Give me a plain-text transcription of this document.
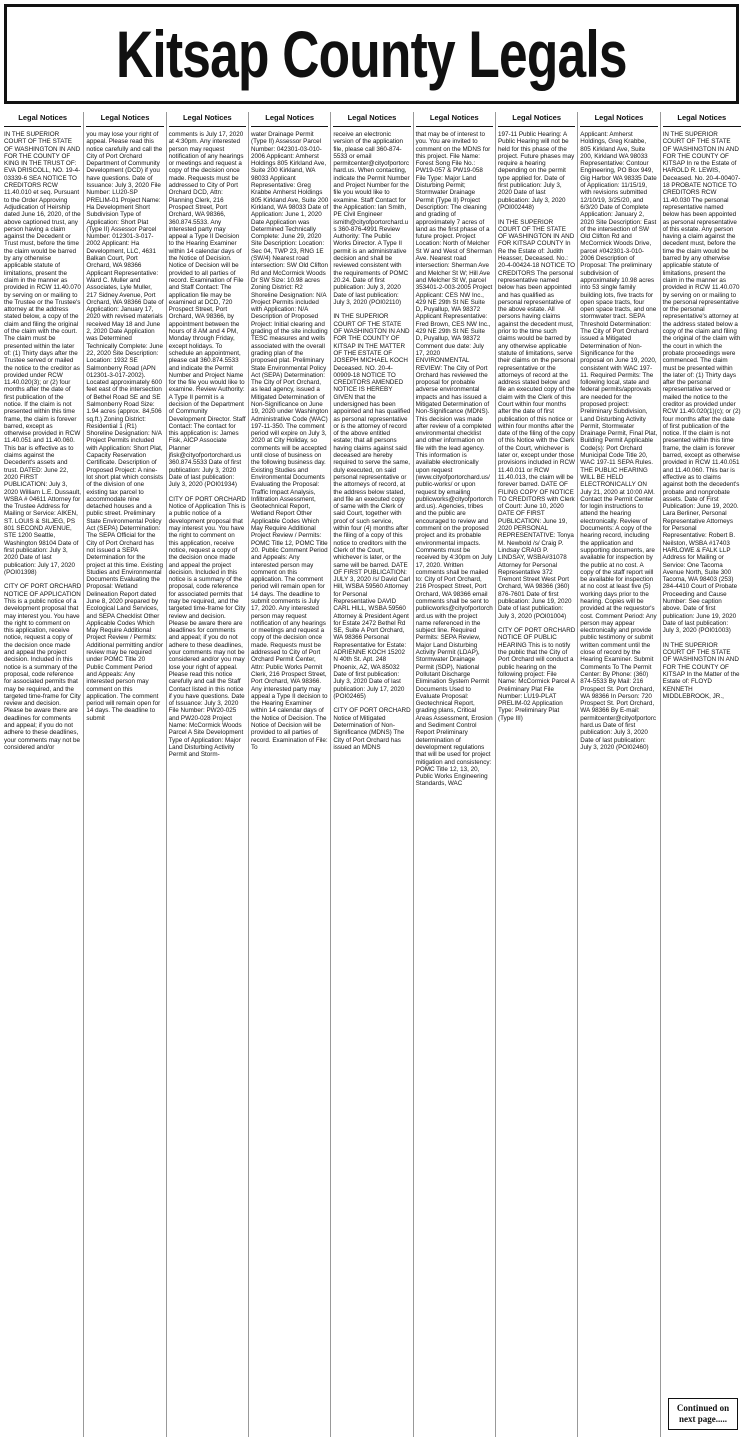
Kitsap County Legals
Legal Notices
IN THE SUPERIOR COURT OF THE STATE OF WASHINGTON IN AND FOR THE COUNTY OF KING IN THE TRUST OF: EVA DRISCOLL, NO. 19-4-03339-6 SEA NOTICE TO CREDITORS RCW 11.40.010 et seq. Pursuant to the Order Approving Adjudication of Heirship dated June 16, 2020, of the above captioned trust, any person having a claim against the Decedent or Trust must, before the time the claim would be barred by any otherwise applicable statute of limitations, present the claim in the manner as provided in RCW 11.40.070 by serving on or mailing to the Trustee or the Trustee's attorney at the address stated below, a copy of the claim and filing the original of the claim with the court. The claim must be presented within the later of: (1) Thirty days after the Trustee served or mailed the notice to the creditor as provided under RCW 11.40.020(3); or (2) four months after the date of first publication of the notice. If the claim is not presented within this time frame, the claim is forever barred, except as otherwise provided in RCW 11.40.051 and 11.40.060. This bar is effective as to claims against the Decedent's assets and trust. DATED: June 22, 2020 FIRST PUBLICATION: July 3, 2020 William L.E. Dussault, WSBA # 04611 Attorney for the Trustee Address for Mailing or Service: AIKEN, ST. LOUIS & SILJEG, PS 801 SECOND AVENUE, STE 1200 Seattle, Washington 98104 Date of first publication: July 3, 2020 Date of last publication: July 17, 2020 (POI01398)

CITY OF PORT ORCHARD NOTICE OF APPLICATION This is a public notice of a development proposal that may interest you. You have the right to comment on this application, receive notice, request a copy of the decision once made and appeal the project decision. Included in this notice is a summary of the proposal, code reference for associated permits that may be required, and the targeted time-frame for City review and decision. Please be aware there are deadlines for comments and appeal; if you do not adhere to these deadlines, your comments may not be considered and/or
Legal Notices
you may lose your right of appeal. Please read this notice carefully and call the City of Port Orchard Department of Community Development (DCD) if you have questions. Date of Issuance: July 3, 2020 File Number: LU20-SP PRELIM-01 Project Name: Ha Development Short Subdivision Type of Application: Short Plat (Type II) Assessor Parcel Number: 012301-3-017-2002 Applicant: Ha Development, LLC, 4631 Balkan Court, Port Orchard, WA 98366 Applicant Representative: Ward C. Muller and Associates, Lyle Muller, 217 Sidney Avenue, Port Orchard, WA 98366 Date of Application: January 17, 2020 with revised materials received May 18 and June 2, 2020 Date Application was Determined Technically Complete: June 22, 2020 Site Description: Location: 1932 SE Salmonberry Road (APN 012301-3-017-2002). Located approximately 600 feet east of the intersection of Bethel Road SE and SE Salmonberry Road Size: 1.94 acres (approx. 84,506 sq.ft.) Zoning District: Residential 1 (R1) Shoreline Designation: N/A Project Permits included with Application: Short Plat, Capacity Reservation Certificate. Description of Proposed Project: A nine-lot short plat which consists of the division of one existing tax parcel to accommodate nine detached houses and a public street. Preliminary State Environmental Policy Act (SEPA) Determination: The SEPA Official for the City of Port Orchard has not issued a SEPA Determination for the project at this time. Existing Studies and Environmental Documents Evaluating the Proposal: Wetland Delineation Report dated June 8, 2020 prepared by Ecological Land Services, and SEPA Checklist Other Applicable Codes Which May Require Additional Project Review / Permits: Additional permitting and/or review may be required under POMC Title 20 Public Comment Period and Appeals: Any interested person may comment on this application. The comment period will remain open for 14 days. The deadline to submit
Legal Notices
comments is July 17, 2020 at 4:30pm. Any interested person may request notification of any hearings or meetings and request a copy of the decision once made. Requests must be addressed to City of Port Orchard DCD, Attn: Planning Clerk, 216 Prospect Street, Port Orchard, WA 98366, 360.874.5533. Any interested party may appeal a Type II Decision to the Hearing Examiner within 14 calendar days of the Notice of Decision. Notice of Decision will be provided to all parties of record. Examination of File and Staff Contact: The application file may be examined at DCD, 720 Prospect Street, Port Orchard, WA 98366, by appointment between the hours of 8 AM and 4 PM, Monday through Friday, except holidays. To schedule an appointment, please call 360.874.5533 and indicate the Permit Number and Project Name for the file you would like to examine. Review Authority: A Type II permit is a decision of the Department of Community Development Director. Staff Contact: The contact for this application is: James Fisk, AICP Associate Planner jfisk@cityofportorchard.us 360.874.5533 Date of first publication: July 3, 2020 Date of last publication: July 3, 2020 (POI01934)

CITY OF PORT ORCHARD Notice of Application This is a public notice of a development proposal that may interest you. You have the right to comment on this application, receive notice, request a copy of the decision once made and appeal the project decision. Included in this notice is a summary of the proposal, code reference for associated permits that may be required, and the targeted time-frame for City review and decision. Please be aware there are deadlines for comments and appeal; if you do not adhere to these deadlines, your comments may not be considered and/or you may lose your right of appeal. Please read this notice carefully and call the Staff Contact listed in this notice if you have questions. Date of Issuance: July 3, 2020 File Number: PW20-025 and PW20-028 Project Name: McCormick Woods Parcel A Site Development Type of Application: Major Land Disturbing Activity Permit and Storm-
Legal Notices
water Drainage Permit (Type II) Assessor Parcel Number: 042301-03-010-2006 Applicant: Amherst Holdings 805 Kirkland Ave, Suite 200 Kirkland, WA 98033 Applicant Representative: Greg Krabbe Amherst Holdings 805 Kirkland Ave, Suite 200 Kirkland, WA 98033 Date of Application: June 1, 2020 Date Application was Determined Technically Complete: June 29, 2020 Site Description: Location: Sec 04, TWP 23, RNG 1E (SW/4) Nearest road intersection: SW Old Clifton Rd and McCormick Woods Dr SW Size: 10.98 acres Zoning District: R2 Shoreline Designation: N/A Project Permits included with Application: N/A Description of Proposed Project: Initial clearing and grading of the site including TESC measures and wells associated with the overall grading plan of the proposed plat. Preliminary State Environmental Policy Act (SEPA) Determination: The City of Port Orchard, as lead agency, issued a Mitigated Determination of Non-Significance on June 19, 2020 under Washington Administrative Code (WAC) 197-11-350. The comment period will expire on July 3, 2020 at City Holiday, so comments will be accepted until close of business on the following business day. Existing Studies and Environmental Documents Evaluating the Proposal: Traffic Impact Analysis, Infiltration Assessment, Geotechnical Report, Wetland Report Other Applicable Codes Which May Require Additional Project Review / Permits: POMC Title 12, POMC Title 20. Public Comment Period and Appeals: Any interested person may comment on this application. The comment period will remain open for 14 days. The deadline to submit comments is July 17, 2020. Any interested person may request notification of any hearings or meetings and request a copy of the decision once made. Requests must be addressed to City of Port Orchard Permit Center, Attn: Public Works Permit Clerk, 216 Prospect Street, Port Orchard, WA 98366. Any interested party may appeal a Type II decision to the Hearing Examiner within 14 calendar days of the Notice of Decision. The Notice of Decision will be provided to all parties of record. Examination of File: To
Legal Notices
receive an electronic version of the application file, please call 360-874-5533 or email permitcenter@cityofportorchard.us. When contacting, indicate the Permit Number and Project Number for the file you would like to examine. Staff Contact for the Application: Ian Smith, PE Civil Engineer ismith@cityofportorchard.us 360-876-4991 Review Authority: The Public Works Director. A Type II permit is an administrative decision and shall be reviewed consistent with the requirements of POMC 20.24. Date of first publication: July 3, 2020 Date of last publication: July 3, 2020 (POI02110)

IN THE SUPERIOR COURT OF THE STATE OF WASHINGTON IN AND FOR THE COUNTY OF KITSAP IN THE MATTER OF THE ESTATE OF JOSEPH MICHAEL KOCH Deceased. NO. 20-4-00909-18 NOTICE TO CREDITORS AMENDED NOTICE IS HEREBY GIVEN that the undersigned has been appointed and has qualified as personal representative or is the attorney of record of the above entitled estate; that all persons having claims against said deceased are hereby required to serve the same, duly executed, on said personal representative or the attorneys of record, at the address below stated, and file an executed copy of same with the Clerk of said Court, together with proof of such service, within four (4) months after the filing of a copy of this notice to creditors with the Clerk of the Court, whichever is later, or the same will be barred. DATE OF FIRST PUBLICATION: JULY 3, 2020 /s/ David Carl Hill, WSBA 59560 Attorney for Personal Representative DAVID CARL HILL, WSBA 59560 Attorney & President Agent for Estate 2472 Bethel Rd SE, Suite A Port Orchard, WA 98366 Personal Representative for Estate: ADRIENNE KOCH 15202 N 40th St. Apt. 248 Phoenix, AZ, WA 85032 Date of first publication: July 3, 2020 Date of last publication: July 17, 2020 (POI02465)

CITY OF PORT ORCHARD Notice of Mitigated Determination of Non-Significance (MDNS) The City of Port Orchard has issued an MDNS
Legal Notices
that may be of interest to you. You are invited to comment on the MDNS for this project. File Name: Forest Song File No.: PW19-057 & PW19-058 File Type: Major Land Disturbing Permit; Stormwater Drainage Permit (Type II) Project Description: The cleaning and grading of approximately 7 acres of land as the first phase of a future project. Project Location: North of Melcher St W and West of Sherman Ave. Nearest road intersection: Sherman Ave and Melcher St W; Hill Ave and Melcher St W, parcel 353401-2-003-2005 Project Applicant: CES NW Inc., 429 NE 29th St NE Suite D, Puyallup, WA 98372 Applicant Representative: Fred Brown, CES NW Inc., 429 NE 29th St NE Suite D, Puyallup, WA 98372 Comment due date: July 17, 2020 ENVIRONMENTAL REVIEW: The City of Port Orchard has reviewed the proposal for probable adverse environmental impacts and has issued a Mitigated Determination of Non-Significance (MDNS). This decision was made after review of a completed environmental checklist and other information on file with the lead agency. This information is available electronically upon request (www.cityofportorchard.us/public-works/ or upon request by emailing publicworks@cityofportorchard.us). Agencies, tribes and the public are encouraged to review and comment on the proposed project and its probable environmental impacts. Comments must be received by 4:30pm on July 17, 2020. Written comments shall be mailed to: City of Port Orchard, 216 Prospect Street, Port Orchard, WA 98366 email comments shall be sent to publicworks@cityofportorchard.us with the project name referenced in the subject line. Required Permits: SEPA Review, Major Land Disturbing Activity Permit (LDAP), Stormwater Drainage Permit (SDP), National Pollutant Discharge Elimination System Permit Documents Used to Evaluate Proposal: Geotechnical Report, grading plans, Critical Areas Assessment, Erosion and Sediment Control Report Preliminary determination of development regulations that will be used for project mitigation and consistency: POMC Title 12, 13, 20, Public Works Engineering Standards, WAC
Legal Notices
197-11 Public Hearing: A Public Hearing will not be held for this phase of the project. Future phases may require a hearing depending on the permit type applied for. Date of first publication: July 3, 2020 Date of last publication: July 3, 2020 (POI002448)

IN THE SUPERIOR COURT OF THE STATE OF WASHINGTON IN AND FOR KITSAP COUNTY In Re the Estate of: Judith Heasser, Deceased. No.: 20-4-00424-18 NOTICE TO CREDITORS The personal representative named below has been appointed and has qualified as personal representative of the above estate. All persons having claims against the decedent must, prior to the time such claims would be barred by any otherwise applicable statute of limitations, serve their claims on the personal representative or the attorneys of record at the address stated below and file an executed copy of the claim with the Clerk of this Court within four months after the date of first publication of this notice or within four months after the date of the filing of the copy of this Notice with the Clerk of the Court, whichever is later or, except under those provisions included in RCW 11.40.011 or RCW 11.40.013, the claim will be forever barred. DATE OF FILING COPY OF NOTICE TO CREDITORS with Clerk of Court: June 10, 2020 DATE OF FIRST PUBLICATION: June 19, 2020 PERSONAL REPRESENTATIVE: Tonya M. Newbold /s/ Craig P. Lindsay CRAIG P. LINDSAY, WSBA#31078 Attorney for Personal Representative 372 Tremont Street West Port Orchard, WA 98366 (360) 876-7601 Date of first publication: June 19, 2020 Date of last publication: July 3, 2020 (POI01004)

CITY OF PORT ORCHARD NOTICE OF PUBLIC HEARING This is to notify the public that the City of Port Orchard will conduct a public hearing on the following project: File Name: McCormick Parcel A Preliminary Plat File Number: LU19-PLAT PRELIM-02 Application Type: Preliminary Plat (Type III)
Legal Notices
Applicant: Amherst Holdings, Greg Krabbe, 805 Kirkland Ave, Suite 200, Kirkland WA 98033 Representative: Contour Engineering, PO Box 949, Gig Harbor WA 98335 Date of Application: 11/15/19, with revisions submitted 12/10/19, 3/25/20, and 6/3/20 Date of Complete Application: January 2, 2020 Site Description: East of the intersection of SW Old Clifton Rd and McCormick Woods Drive, parcel #042301-3-010-2006 Description of Proposal: The preliminary subdivision of approximately 10.98 acres into 53 single family building lots, five tracts for open space tracts, four open space tracts, and one stormwater tract. SEPA Threshold Determination: The City of Port Orchard issued a Mitigated Determination of Non-Significance for the proposal on June 19, 2020, consistent with WAC 197-11. Required Permits: The following local, state and federal permits/approvals are needed for the proposed project: Preliminary Subdivision, Land Disturbing Activity Permit, Stormwater Drainage Permit, Final Plat, Building Permit Applicable Code(s): Port Orchard Municipal Code Title 20, WAC 197-11 SEPA Rules. THE PUBLIC HEARING WILL BE HELD ELECTRONICALLY ON July 21, 2020 at 10:00 AM. Contact the Permit Center for login instructions to attend the hearing electronically. Review of Documents: A copy of the hearing record, including the application and supporting documents, are available for inspection by the public at no cost. A copy of the staff report will be available for inspection at no cost at least five (5) working days prior to the hearing. Copies will be provided at the requestor's cost. Comment Period: Any person may appear electronically and provide public testimony or submit written comment until the close of record by the Hearing Examiner. Submit Comments To The Permit Center: By Phone: (360) 874-5533 By Mail: 216 Prospect St. Port Orchard, WA 98366 In Person: 720 Prospect St. Port Orchard, WA 98366 By E-mail: permitcenter@cityofportorchard.us Date of first publication: July 3, 2020 Date of last publication: July 3, 2020 (POI02460)
Legal Notices
IN THE SUPERIOR COURT OF THE STATE OF WASHINGTON IN AND FOR THE COUNTY OF KITSAP In re the Estate of HAROLD R. LEWIS, Deceased. No. 20-4-00407-18 PROBATE NOTICE TO CREDITORS RCW 11.40.030 The personal representative named below has been appointed as personal representative of this estate. Any person having a claim against the decedent must, before the time the claim would be barred by any otherwise applicable statute of limitations, present the claim in the manner as provided in RCW 11.40.070 by serving on or mailing to the personal representative or the personal representative's attorney at the address stated below a copy of the claim and filing the original of the claim with the court in which the probate proceedings were commenced. The claim must be presented within the later of: (1) Thirty days after the personal representative served or mailed the notice to the creditor as provided under RCW 11.40.020(1)(c); or (2) four months after the date of first publication of the notice. If the claim is not presented within this time frame, the claim is forever barred, except as otherwise provided in RCW 11.40.051 and 11.40.060. This bar is effective as to claims against both the decedent's probate and nonprobate assets. Date of First Publication: June 19, 2020. Lara Berliner, Personal Representative Attorneys for Personal Representative: Robert B. Neilston, WSBA #17403 HARLOWE & FALK LLP Address for Mailing or Service: One Tacoma Avenue North, Suite 300 Tacoma, WA 98403 (253) 284-4410 Court of Probate Proceeding and Cause Number: See caption above. Date of first publication: June 19, 2020 Date of last publication: July 3, 2020 (POI01003)

IN THE SUPERIOR COURT OF THE STATE OF WASHINGTON IN AND FOR THE COUNTY OF KITSAP In the Matter of the Estate of: FLOYD KENNETH MIDDLEBROOK, JR.,
Continued on next page.....
